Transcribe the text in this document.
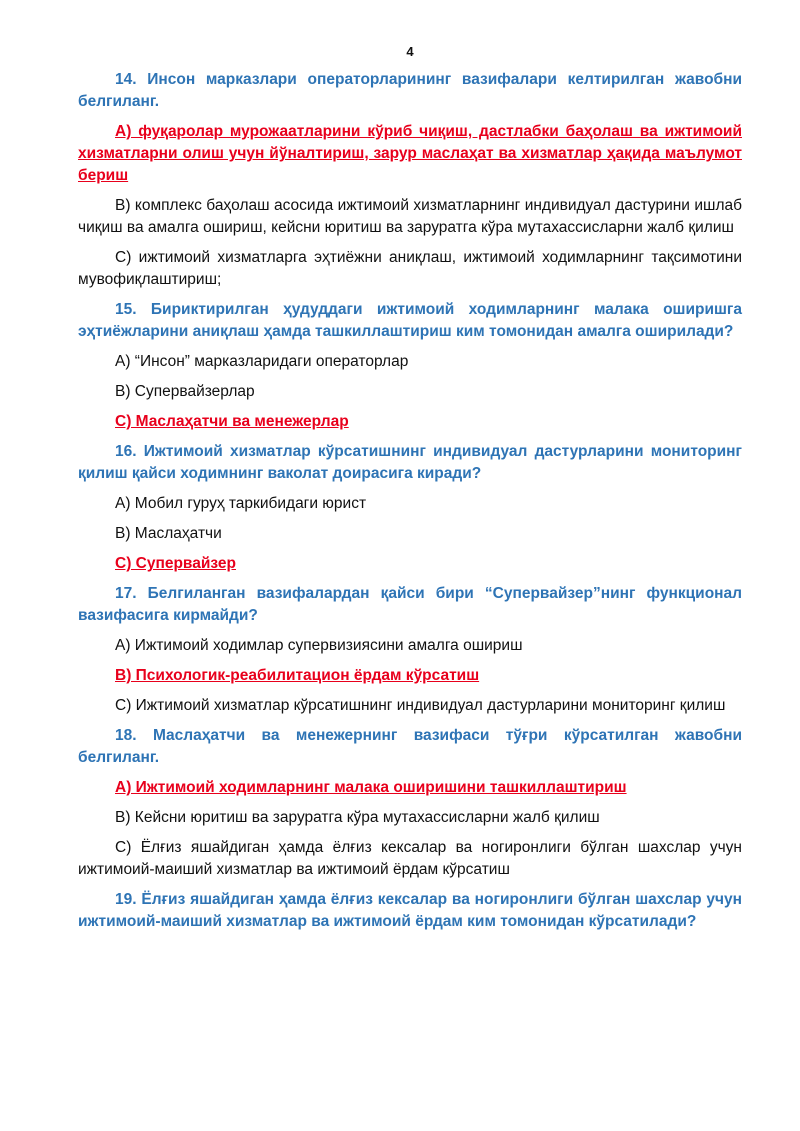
4

14. Инсон марказлари операторларининг вазифалари келтирилган жавобни белгиланг.

A) фуқаролар мурожаатларини кўриб чиқиш, дастлабки баҳолаш ва ижтимоий хизматларни олиш учун йўналтириш, зарур маслаҳат ва хизматлар ҳақида маълумот бериш

B) комплекс баҳолаш асосида ижтимоий хизматларнинг индивидуал дастурини ишлаб чиқиш ва амалга ошириш, кейсни юритиш ва заруратга кўра мутахассисларни жалб қилиш

C) ижтимоий хизматларга эҳтиёжни аниқлаш, ижтимоий ходимларнинг тақсимотини мувофиқлаштириш;

15. Бириктирилган ҳудуддаги ижтимоий ходимларнинг малака оширишга эҳтиёжларини аниқлаш ҳамда ташкиллаштириш ким томонидан амалга оширилади?

A) “Инсон” марказларидаги операторлар

B) Супервайзерлар

C) Маслаҳатчи ва менежерлар

16. Ижтимоий хизматлар кўрсатишнинг индивидуал дастурларини мониторинг қилиш қайси ходимнинг ваколат доирасига киради?

A) Мобил гуруҳ таркибидаги юрист

B) Маслаҳатчи

C) Супервайзер

17. Белгиланган вазифалардан қайси бири “Супервайзер”нинг функционал вазифасига кирмайди?

A) Ижтимоий ходимлар супервизиясини амалга ошириш

B) Психологик-реабилитацион ёрдам кўрсатиш

C) Ижтимоий хизматлар кўрсатишнинг индивидуал дастурларини мониторинг қилиш

18. Маслаҳатчи ва менежернинг вазифаси тўғри кўрсатилган жавобни белгиланг.

A) Ижтимоий ходимларнинг малака оширишини ташкиллаштириш

B) Кейсни юритиш ва заруратга кўра мутахассисларни жалб қилиш

C) Ёлғиз яшайдиган ҳамда ёлғиз кексалар ва ногиронлиги бўлган шахслар учун ижтимоий-маиший хизматлар ва ижтимоий ёрдам кўрсатиш

19. Ёлғиз яшайдиган ҳамда ёлғиз кексалар ва ногиронлиги бўлган шахслар учун ижтимоий-маиший хизматлар ва ижтимоий ёрдам ким томонидан кўрсатилади?
